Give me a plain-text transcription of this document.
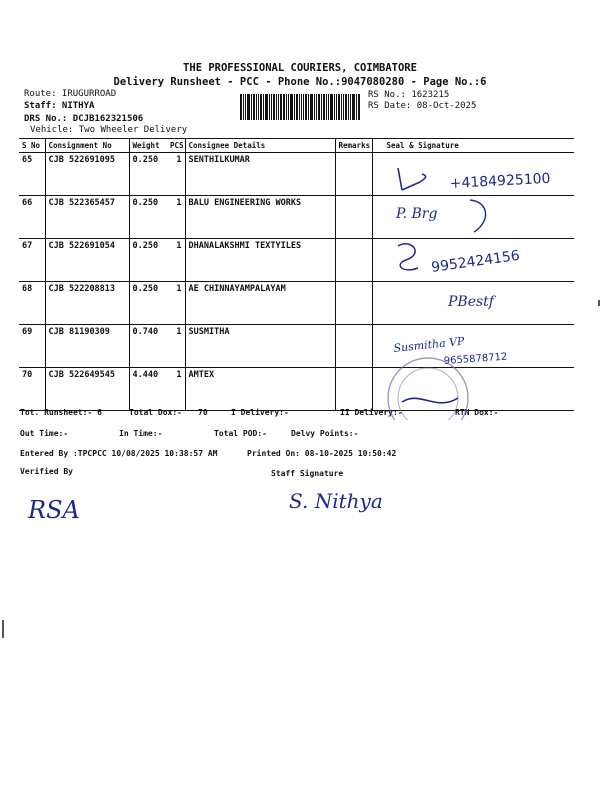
THE PROFESSIONAL COURIERS, COIMBATORE
Delivery Runsheet - PCC - Phone No.:9047080280 - Page No.:6
Route: IRUGURROAD
Staff: NITHYA
DRS No.: DCJB162321506
Vehicle: Two Wheeler Delivery
RS No.: 1623215
RS Date: 08-Oct-2025
S No	Consignment No	Weight	PCS	Consignee Details	Remarks	Seal & Signature
65	CJB 522691095	0.250	1	SENTHILKUMAR		
66	CJB 522365457	0.250	1	BALU ENGINEERING WORKS		
67	CJB 522691054	0.250	1	DHANALAKSHMI TEXTYILES		
68	CJB 522208813	0.250	1	AE CHINNAYAMPALAYAM		
69	CJB 81190309	0.740	1	SUSMITHA		
70	CJB 522649545	4.440	1	AMTEX		
Tot. Runsheet:- 6	Total Dox:- 70	I Delivery:-	II Delivery:-	RTN Dox:-
Out Time:-	In Time:-	Total POD:-	Delvy Points:-
Entered By :TPCPCC 10/08/2025 10:38:57 AM	Printed On: 08-10-2025 10:50:42
Verified By	Staff Signature
+4184925100
P. Brg
9952424156
PBestf
Susmitha VP
9655878712
RSA	S. Nithya
